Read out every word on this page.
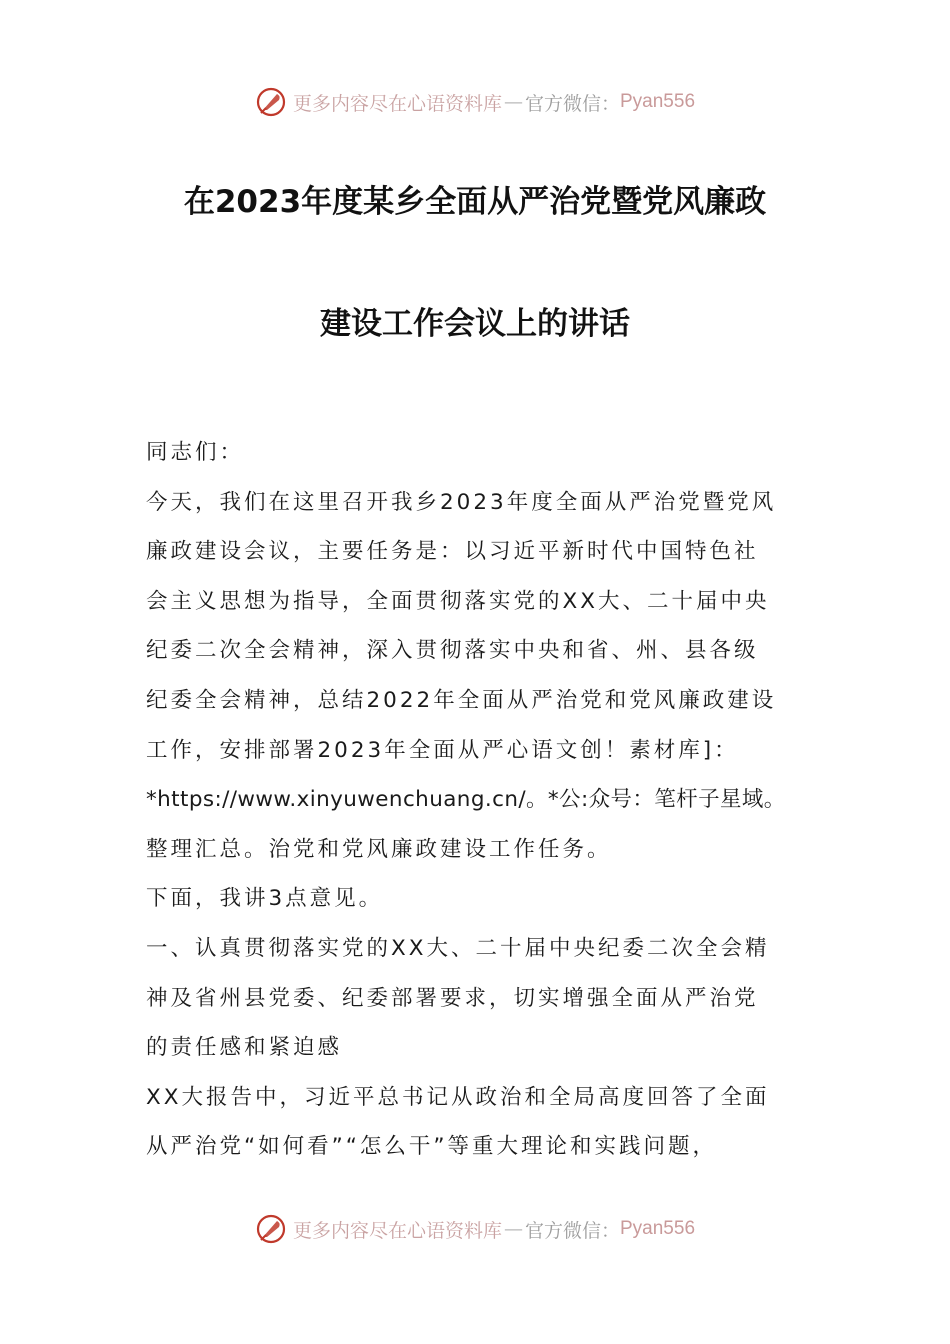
更多内容尽在心语资料库 — 官方微信： Pyan556
在2023年度某乡全面从严治党暨党风廉政
建设工作会议上的讲话
同志们：
今天，我们在这里召开我乡2023年度全面从严治党暨党风
廉政建设会议，主要任务是：以习近平新时代中国特色社
会主义思想为指导，全面贯彻落实党的XX大、二十届中央
纪委二次全会精神，深入贯彻落实中央和省、州、县各级
纪委全会精神，总结2022年全面从严治党和党风廉政建设
工作，安排部署2023年全面从严心语文创！素材库]：
*https://www.xinyuwenchuang.cn/。*公:众号：笔杆子星域。
整理汇总。治党和党风廉政建设工作任务。
下面，我讲3点意见。
一、认真贯彻落实党的XX大、二十届中央纪委二次全会精
神及省州县党委、纪委部署要求，切实增强全面从严治党
的责任感和紧迫感
XX大报告中，习近平总书记从政治和全局高度回答了全面
从严治党“如何看”“怎么干”等重大理论和实践问题，
更多内容尽在心语资料库 — 官方微信： Pyan556
